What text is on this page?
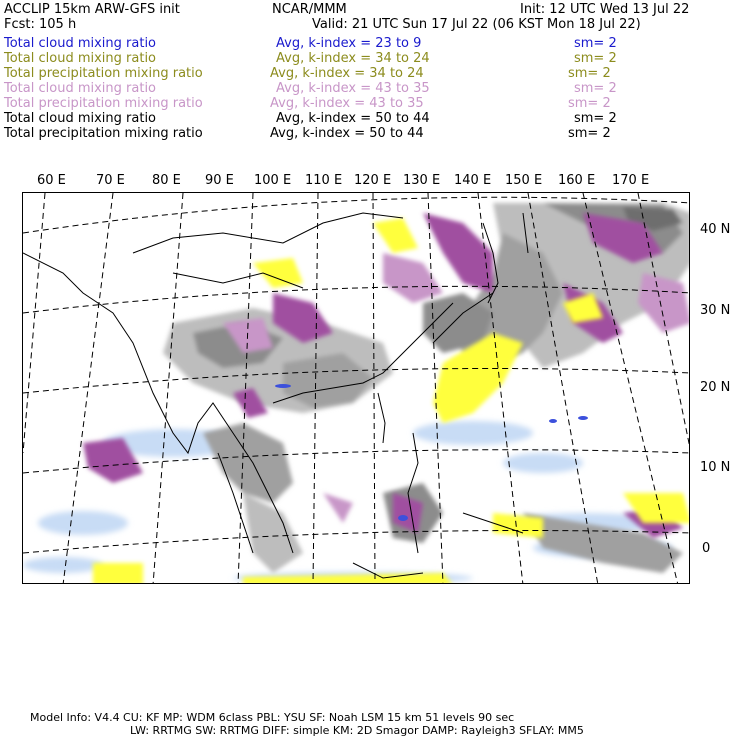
ACCLIP 15km ARW-GFS init	NCAR/MMM	Init: 12 UTC Wed 13 Jul 22
Fcst: 105 h	Valid: 21 UTC Sun 17 Jul 22 (06 KST Mon 18 Jul 22)
Total cloud mixing ratio	Avg, k-index = 23 to 9	sm= 2
Total cloud mixing ratio	Avg, k-index = 34 to 24	sm= 2
Total precipitation mixing ratio	Avg, k-index = 34 to 24	sm= 2
Total cloud mixing ratio	Avg, k-index = 43 to 35	sm= 2
Total precipitation mixing ratio	Avg, k-index = 43 to 35	sm= 2
Total cloud mixing ratio	Avg, k-index = 50 to 44	sm= 2
Total precipitation mixing ratio	Avg, k-index = 50 to 44	sm= 2
60 E 70 E 80 E 90 E 100 E 110 E 120 E 130 E 140 E 150 E 160 E 170 E
40 N
30 N
20 N
10 N
0
Model Info: V4.4 CU: KF MP: WDM 6class PBL: YSU SF: Noah LSM 15 km 51 levels 90 sec
LW: RRTMG SW: RRTMG DIFF: simple KM: 2D Smagor DAMP: Rayleigh3 SFLAY: MM5
